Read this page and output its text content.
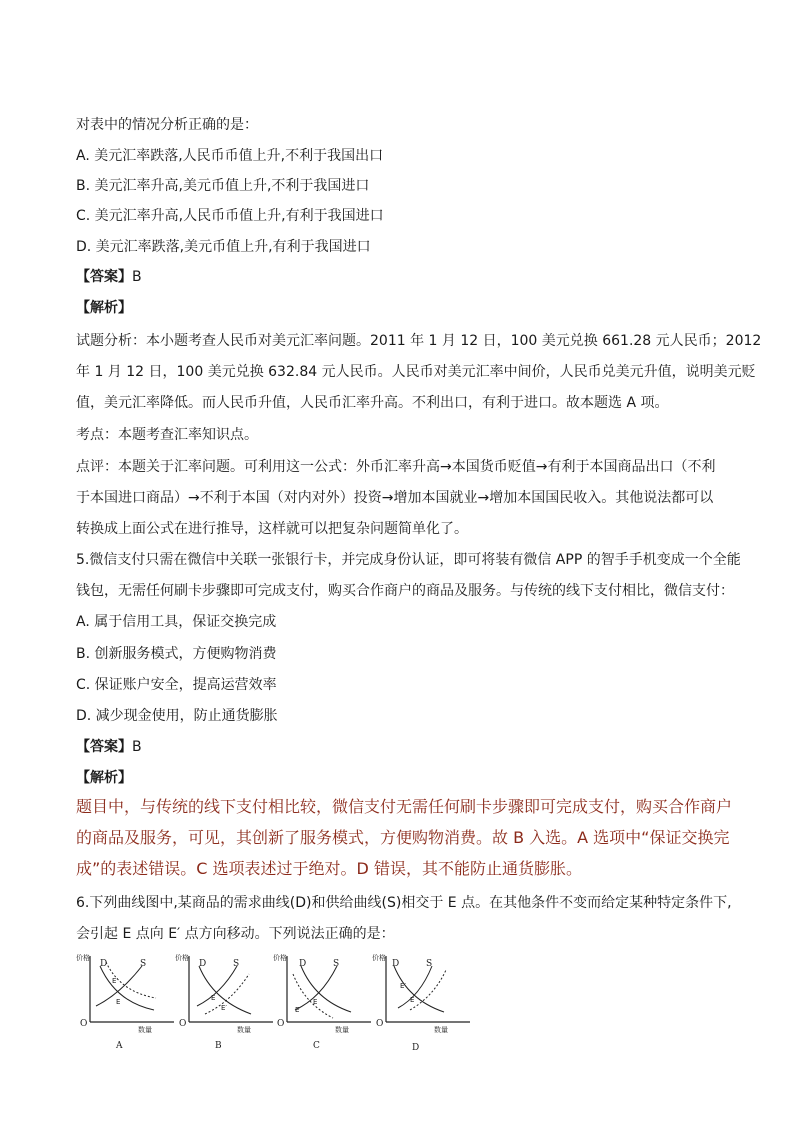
对表中的情况分析正确的是：
A. 美元汇率跌落,人民币币值上升,不利于我国出口
B. 美元汇率升高,美元币值上升,不利于我国进口
C. 美元汇率升高,人民币币值上升,有利于我国进口
D. 美元汇率跌落,美元币值上升,有利于我国进口
【答案】B
【解析】
试题分析：本小题考查人民币对美元汇率问题。2011 年 1 月 12 日，100 美元兑换 661.28 元人民币；2012
年 1 月 12 日，100 美元兑换 632.84 元人民币。人民币对美元汇率中间价，人民币兑美元升值，说明美元贬
值，美元汇率降低。而人民币升值，人民币汇率升高。不利出口，有利于进口。故本题选 A 项。
考点：本题考查汇率知识点。
点评：本题关于汇率问题。可利用这一公式：外币汇率升高→本国货币贬值→有利于本国商品出口（不利
于本国进口商品）→不利于本国（对内对外）投资→增加本国就业→增加本国国民收入。其他说法都可以
转换成上面公式在进行推导，这样就可以把复杂问题简单化了。
5.微信支付只需在微信中关联一张银行卡，并完成身份认证，即可将装有微信 APP 的智手手机变成一个全能
钱包，无需任何刷卡步骤即可完成支付，购买合作商户的商品及服务。与传统的线下支付相比，微信支付：
A. 属于信用工具，保证交换完成
B. 创新服务模式，方便购物消费
C. 保证账户安全，提高运营效率
D. 减少现金使用，防止通货膨胀
【答案】B
【解析】
题目中，与传统的线下支付相比较，微信支付无需任何刷卡步骤即可完成支付，购买合作商户
的商品及服务，可见，其创新了服务模式，方便购物消费。故 B 入选。A 选项中“保证交换完
成”的表述错误。C 选项表述过于绝对。D 错误，其不能防止通货膨胀。
6.下列曲线图中,某商品的需求曲线(D)和供给曲线(S)相交于 E 点。在其他条件不变而给定某种特定条件下,
会引起 E 点向 E′ 点方向移动。下列说法正确的是：
价格
数量
O
D	S
E′
E
A
价格
数量
O
D	S
E
E′
B
价格
数量
O
D	S
E
E′
C
价格
数量
O
D	S
E′
E
D
